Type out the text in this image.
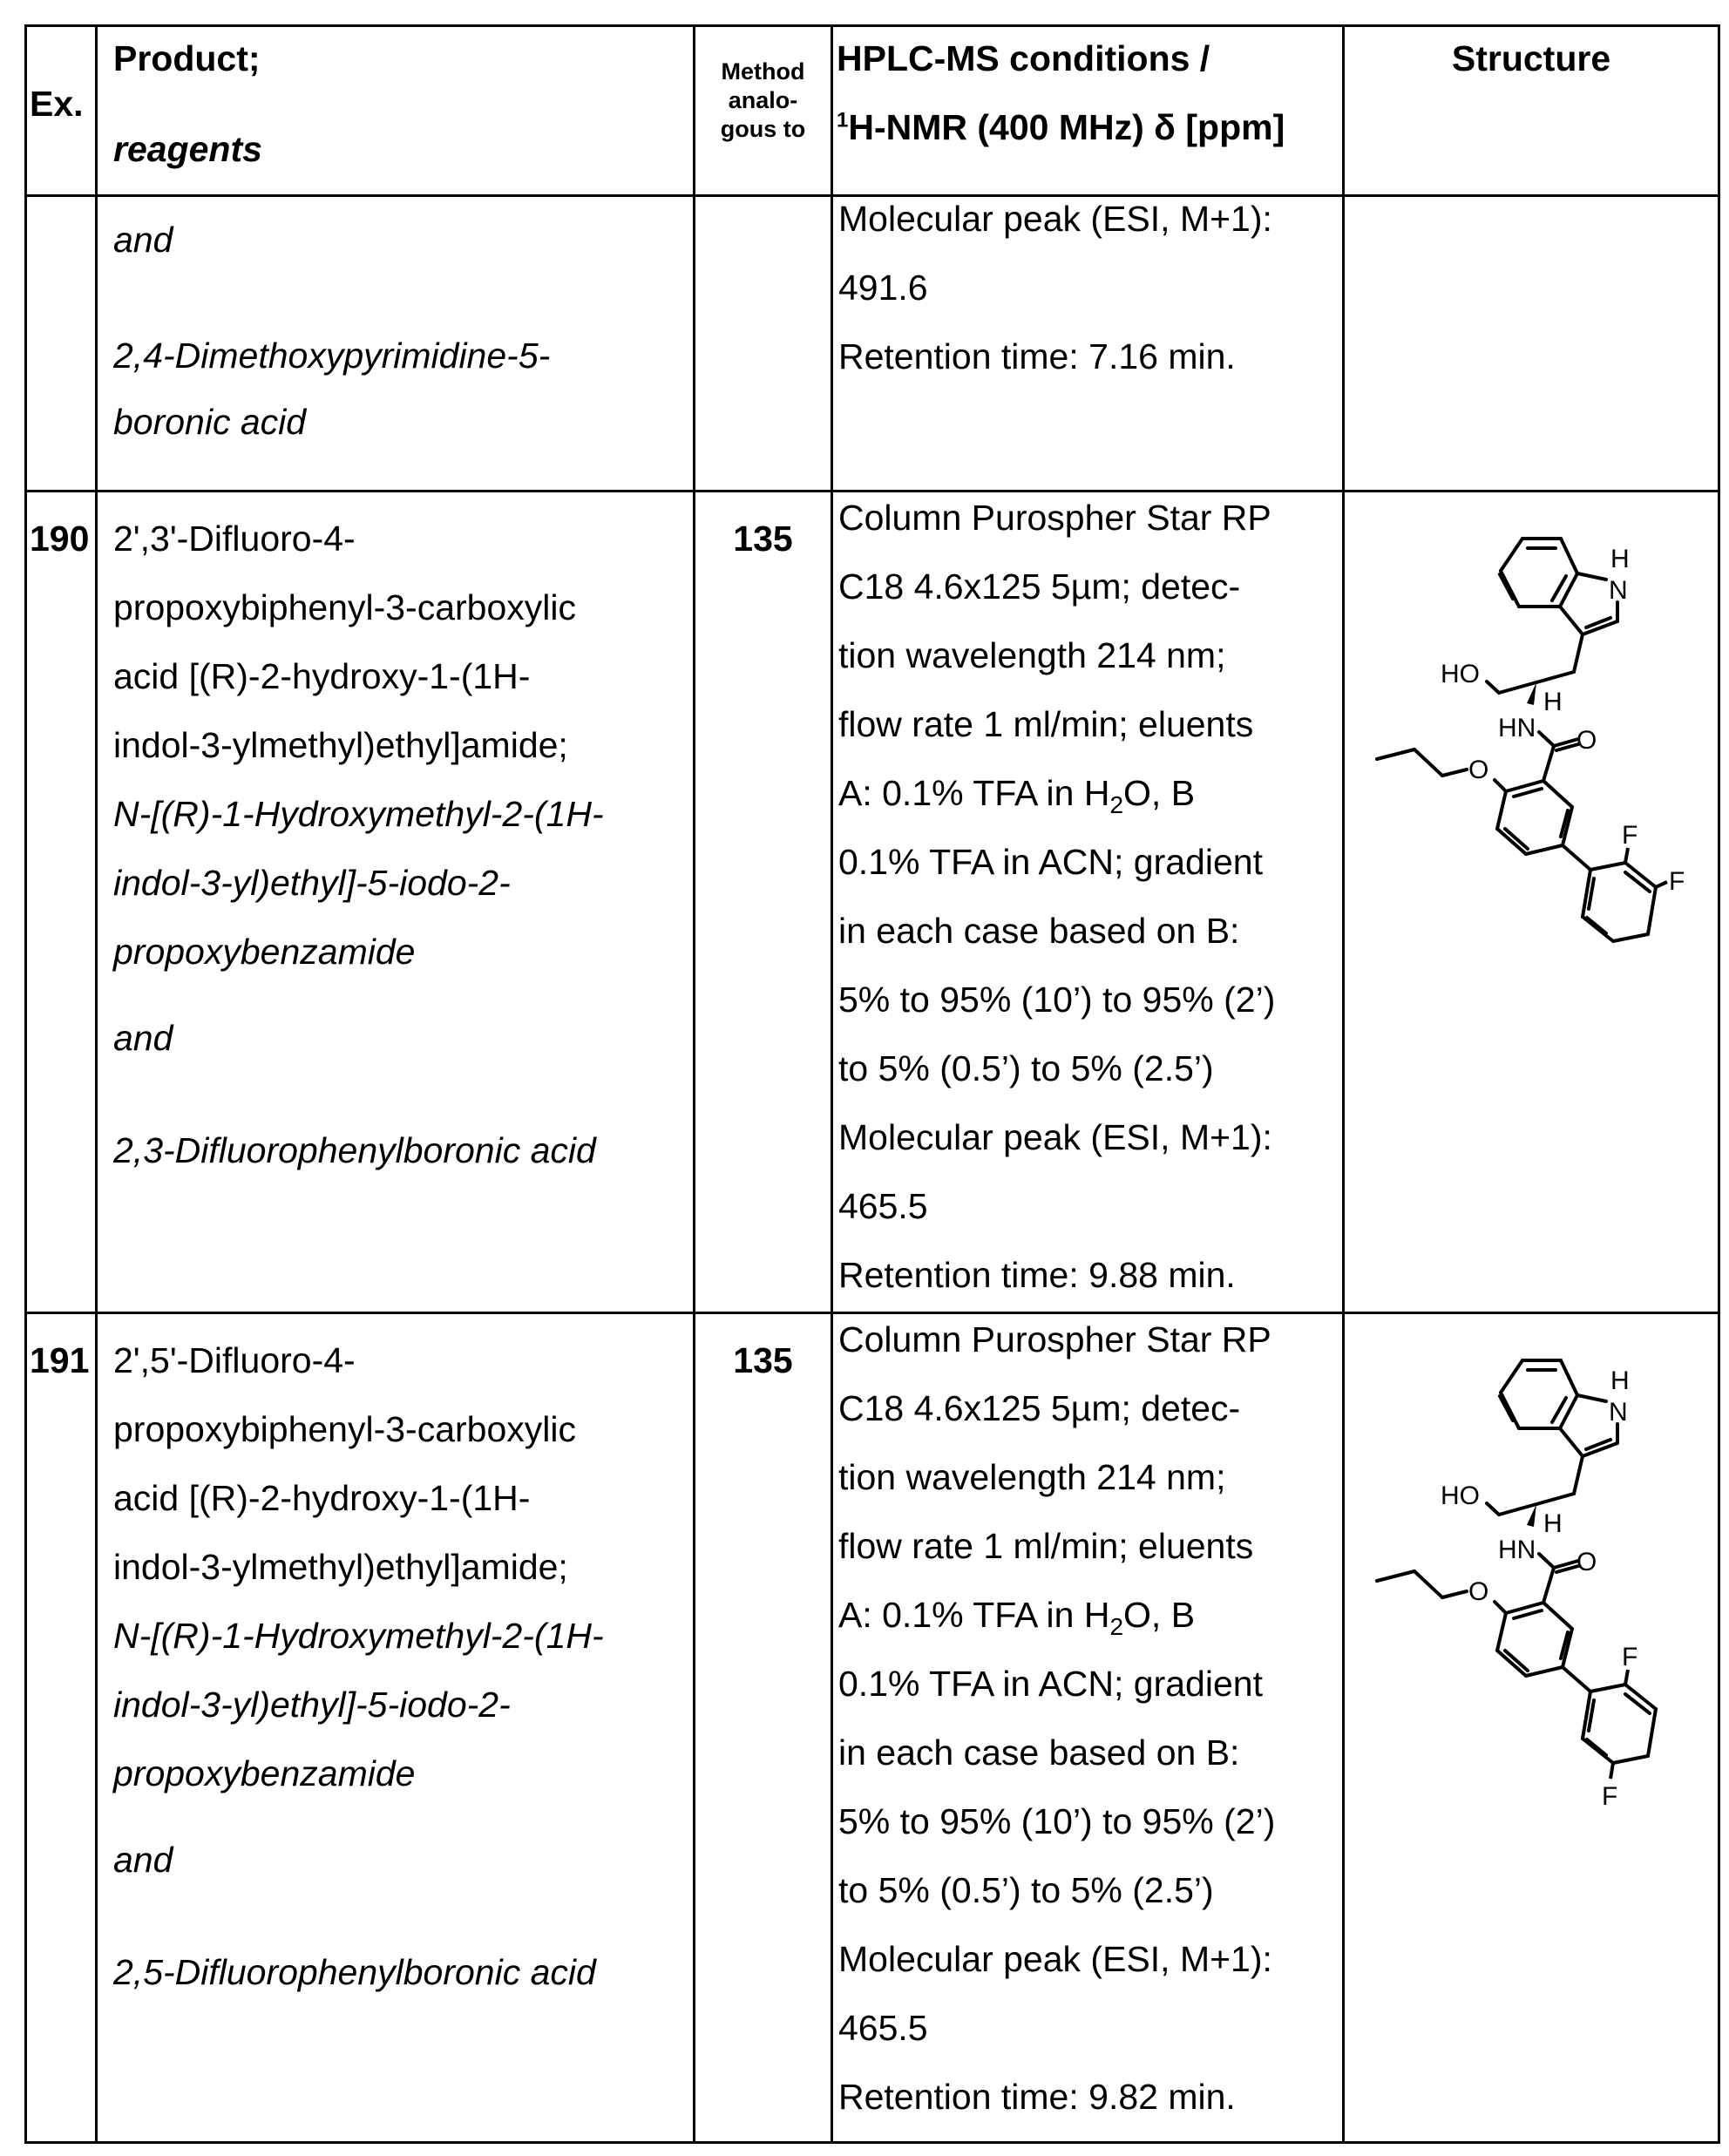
Ex.
Product;
reagents
Method
analo-
gous to
HPLC-MS conditions /
1H-NMR (400 MHz) δ [ppm]
Structure
and
2,4-Dimethoxypyrimidine-5-
boronic acid
Molecular peak (ESI, M+1):
491.6
Retention time: 7.16 min.
190	135
2',3'-Difluoro-4-
propoxybiphenyl-3-carboxylic
acid [(R)-2-hydroxy-1-(1H-
indol-3-ylmethyl)ethyl]amide;
N-[(R)-1-Hydroxymethyl-2-(1H-
indol-3-yl)ethyl]-5-iodo-2-
propoxybenzamide
and
2,3-Difluorophenylboronic acid
Column Purospher Star RP
C18 4.6x125 5µm; detec-
tion wavelength 214 nm;
flow rate 1 ml/min; eluents
A: 0.1% TFA in H2O, B
0.1% TFA in ACN; gradient
in each case based on B:
5% to 95% (10’) to 95% (2’)
to 5% (0.5’) to 5% (2.5’)
Molecular peak (ESI, M+1):
465.5
Retention time: 9.88 min.
H
N
HO
H
HN O
O
F
F
191	135
2',5'-Difluoro-4-
propoxybiphenyl-3-carboxylic
acid [(R)-2-hydroxy-1-(1H-
indol-3-ylmethyl)ethyl]amide;
N-[(R)-1-Hydroxymethyl-2-(1H-
indol-3-yl)ethyl]-5-iodo-2-
propoxybenzamide
and
2,5-Difluorophenylboronic acid
Column Purospher Star RP
C18 4.6x125 5µm; detec-
tion wavelength 214 nm;
flow rate 1 ml/min; eluents
A: 0.1% TFA in H2O, B
0.1% TFA in ACN; gradient
in each case based on B:
5% to 95% (10’) to 95% (2’)
to 5% (0.5’) to 5% (2.5’)
Molecular peak (ESI, M+1):
465.5
Retention time: 9.82 min.
H
N
HO
H
HN O
O
F
F
